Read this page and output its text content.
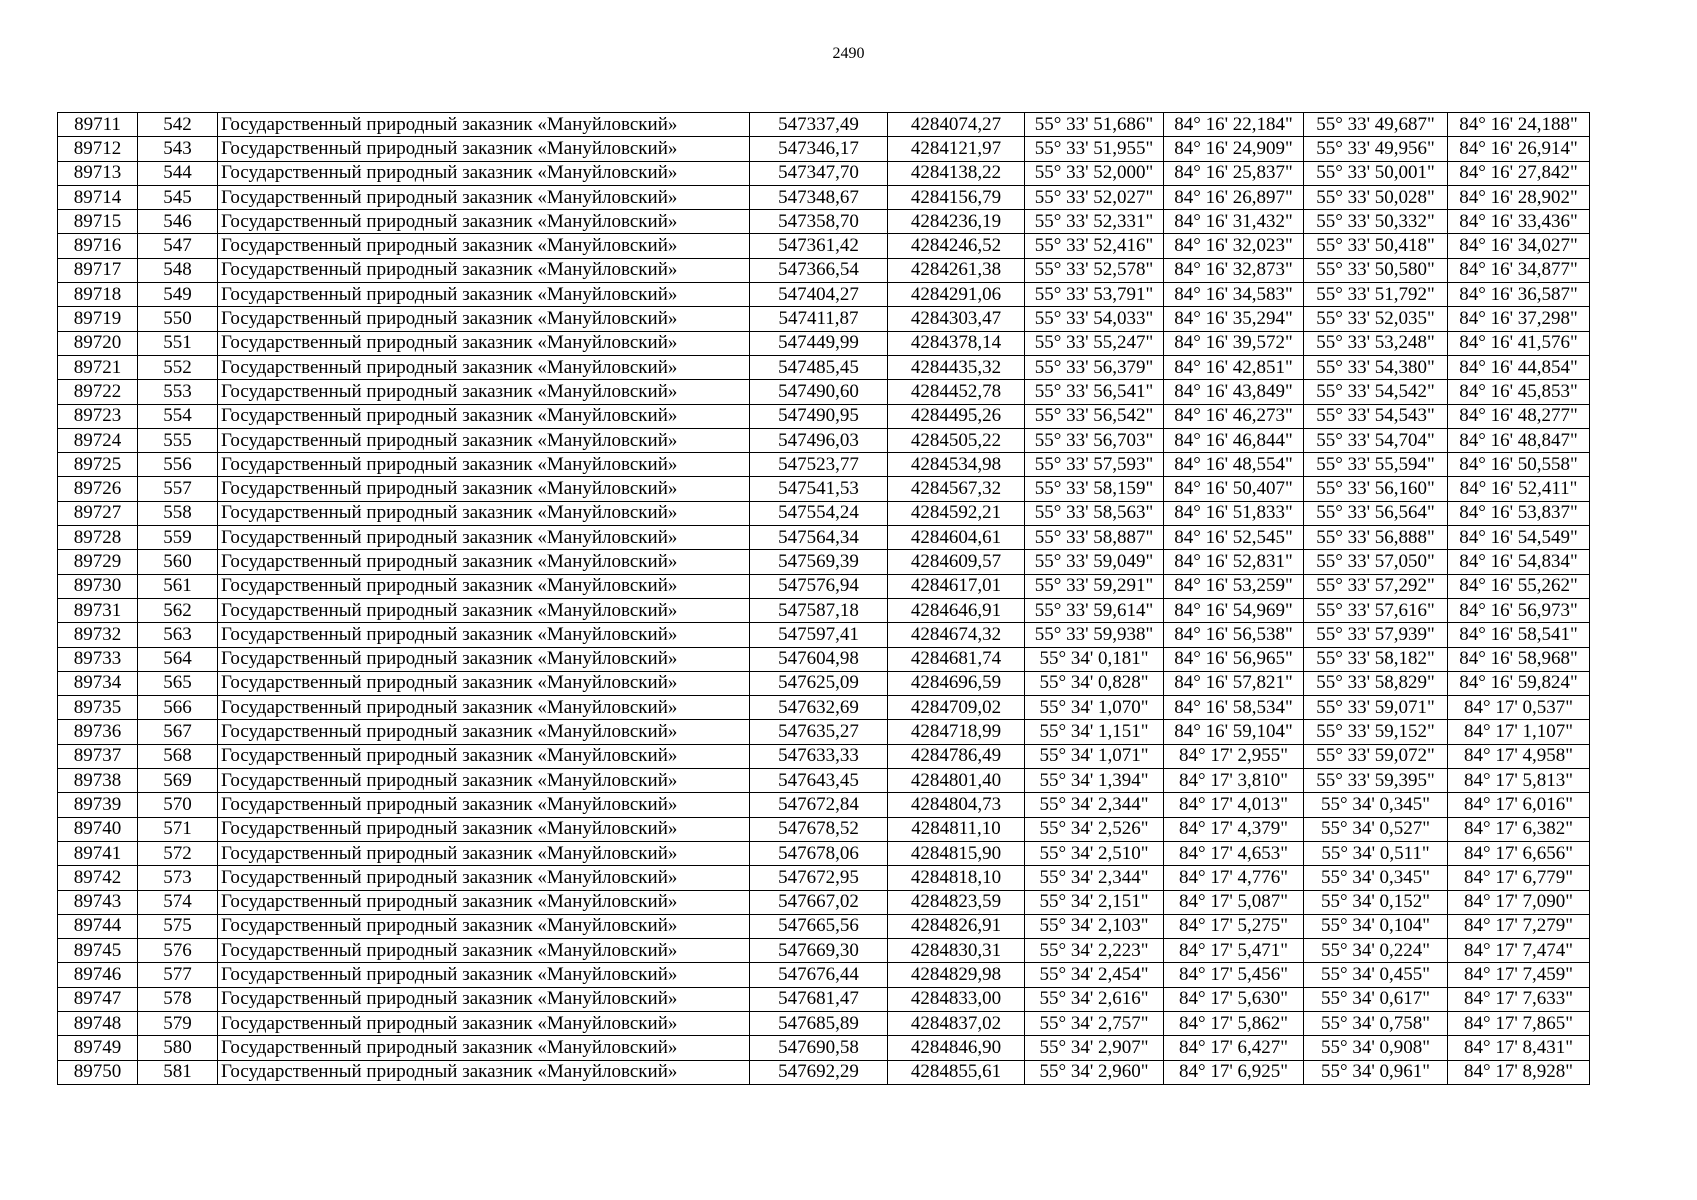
2490
89711	542	Государственный природный заказник «Мануйловский»	547337,49	4284074,27	55° 33' 51,686"	84° 16' 22,184"	55° 33' 49,687"	84° 16' 24,188"
89712	543	Государственный природный заказник «Мануйловский»	547346,17	4284121,97	55° 33' 51,955"	84° 16' 24,909"	55° 33' 49,956"	84° 16' 26,914"
89713	544	Государственный природный заказник «Мануйловский»	547347,70	4284138,22	55° 33' 52,000"	84° 16' 25,837"	55° 33' 50,001"	84° 16' 27,842"
89714	545	Государственный природный заказник «Мануйловский»	547348,67	4284156,79	55° 33' 52,027"	84° 16' 26,897"	55° 33' 50,028"	84° 16' 28,902"
89715	546	Государственный природный заказник «Мануйловский»	547358,70	4284236,19	55° 33' 52,331"	84° 16' 31,432"	55° 33' 50,332"	84° 16' 33,436"
89716	547	Государственный природный заказник «Мануйловский»	547361,42	4284246,52	55° 33' 52,416"	84° 16' 32,023"	55° 33' 50,418"	84° 16' 34,027"
89717	548	Государственный природный заказник «Мануйловский»	547366,54	4284261,38	55° 33' 52,578"	84° 16' 32,873"	55° 33' 50,580"	84° 16' 34,877"
89718	549	Государственный природный заказник «Мануйловский»	547404,27	4284291,06	55° 33' 53,791"	84° 16' 34,583"	55° 33' 51,792"	84° 16' 36,587"
89719	550	Государственный природный заказник «Мануйловский»	547411,87	4284303,47	55° 33' 54,033"	84° 16' 35,294"	55° 33' 52,035"	84° 16' 37,298"
89720	551	Государственный природный заказник «Мануйловский»	547449,99	4284378,14	55° 33' 55,247"	84° 16' 39,572"	55° 33' 53,248"	84° 16' 41,576"
89721	552	Государственный природный заказник «Мануйловский»	547485,45	4284435,32	55° 33' 56,379"	84° 16' 42,851"	55° 33' 54,380"	84° 16' 44,854"
89722	553	Государственный природный заказник «Мануйловский»	547490,60	4284452,78	55° 33' 56,541"	84° 16' 43,849"	55° 33' 54,542"	84° 16' 45,853"
89723	554	Государственный природный заказник «Мануйловский»	547490,95	4284495,26	55° 33' 56,542"	84° 16' 46,273"	55° 33' 54,543"	84° 16' 48,277"
89724	555	Государственный природный заказник «Мануйловский»	547496,03	4284505,22	55° 33' 56,703"	84° 16' 46,844"	55° 33' 54,704"	84° 16' 48,847"
89725	556	Государственный природный заказник «Мануйловский»	547523,77	4284534,98	55° 33' 57,593"	84° 16' 48,554"	55° 33' 55,594"	84° 16' 50,558"
89726	557	Государственный природный заказник «Мануйловский»	547541,53	4284567,32	55° 33' 58,159"	84° 16' 50,407"	55° 33' 56,160"	84° 16' 52,411"
89727	558	Государственный природный заказник «Мануйловский»	547554,24	4284592,21	55° 33' 58,563"	84° 16' 51,833"	55° 33' 56,564"	84° 16' 53,837"
89728	559	Государственный природный заказник «Мануйловский»	547564,34	4284604,61	55° 33' 58,887"	84° 16' 52,545"	55° 33' 56,888"	84° 16' 54,549"
89729	560	Государственный природный заказник «Мануйловский»	547569,39	4284609,57	55° 33' 59,049"	84° 16' 52,831"	55° 33' 57,050"	84° 16' 54,834"
89730	561	Государственный природный заказник «Мануйловский»	547576,94	4284617,01	55° 33' 59,291"	84° 16' 53,259"	55° 33' 57,292"	84° 16' 55,262"
89731	562	Государственный природный заказник «Мануйловский»	547587,18	4284646,91	55° 33' 59,614"	84° 16' 54,969"	55° 33' 57,616"	84° 16' 56,973"
89732	563	Государственный природный заказник «Мануйловский»	547597,41	4284674,32	55° 33' 59,938"	84° 16' 56,538"	55° 33' 57,939"	84° 16' 58,541"
89733	564	Государственный природный заказник «Мануйловский»	547604,98	4284681,74	55° 34' 0,181"	84° 16' 56,965"	55° 33' 58,182"	84° 16' 58,968"
89734	565	Государственный природный заказник «Мануйловский»	547625,09	4284696,59	55° 34' 0,828"	84° 16' 57,821"	55° 33' 58,829"	84° 16' 59,824"
89735	566	Государственный природный заказник «Мануйловский»	547632,69	4284709,02	55° 34' 1,070"	84° 16' 58,534"	55° 33' 59,071"	84° 17' 0,537"
89736	567	Государственный природный заказник «Мануйловский»	547635,27	4284718,99	55° 34' 1,151"	84° 16' 59,104"	55° 33' 59,152"	84° 17' 1,107"
89737	568	Государственный природный заказник «Мануйловский»	547633,33	4284786,49	55° 34' 1,071"	84° 17' 2,955"	55° 33' 59,072"	84° 17' 4,958"
89738	569	Государственный природный заказник «Мануйловский»	547643,45	4284801,40	55° 34' 1,394"	84° 17' 3,810"	55° 33' 59,395"	84° 17' 5,813"
89739	570	Государственный природный заказник «Мануйловский»	547672,84	4284804,73	55° 34' 2,344"	84° 17' 4,013"	55° 34' 0,345"	84° 17' 6,016"
89740	571	Государственный природный заказник «Мануйловский»	547678,52	4284811,10	55° 34' 2,526"	84° 17' 4,379"	55° 34' 0,527"	84° 17' 6,382"
89741	572	Государственный природный заказник «Мануйловский»	547678,06	4284815,90	55° 34' 2,510"	84° 17' 4,653"	55° 34' 0,511"	84° 17' 6,656"
89742	573	Государственный природный заказник «Мануйловский»	547672,95	4284818,10	55° 34' 2,344"	84° 17' 4,776"	55° 34' 0,345"	84° 17' 6,779"
89743	574	Государственный природный заказник «Мануйловский»	547667,02	4284823,59	55° 34' 2,151"	84° 17' 5,087"	55° 34' 0,152"	84° 17' 7,090"
89744	575	Государственный природный заказник «Мануйловский»	547665,56	4284826,91	55° 34' 2,103"	84° 17' 5,275"	55° 34' 0,104"	84° 17' 7,279"
89745	576	Государственный природный заказник «Мануйловский»	547669,30	4284830,31	55° 34' 2,223"	84° 17' 5,471"	55° 34' 0,224"	84° 17' 7,474"
89746	577	Государственный природный заказник «Мануйловский»	547676,44	4284829,98	55° 34' 2,454"	84° 17' 5,456"	55° 34' 0,455"	84° 17' 7,459"
89747	578	Государственный природный заказник «Мануйловский»	547681,47	4284833,00	55° 34' 2,616"	84° 17' 5,630"	55° 34' 0,617"	84° 17' 7,633"
89748	579	Государственный природный заказник «Мануйловский»	547685,89	4284837,02	55° 34' 2,757"	84° 17' 5,862"	55° 34' 0,758"	84° 17' 7,865"
89749	580	Государственный природный заказник «Мануйловский»	547690,58	4284846,90	55° 34' 2,907"	84° 17' 6,427"	55° 34' 0,908"	84° 17' 8,431"
89750	581	Государственный природный заказник «Мануйловский»	547692,29	4284855,61	55° 34' 2,960"	84° 17' 6,925"	55° 34' 0,961"	84° 17' 8,928"
